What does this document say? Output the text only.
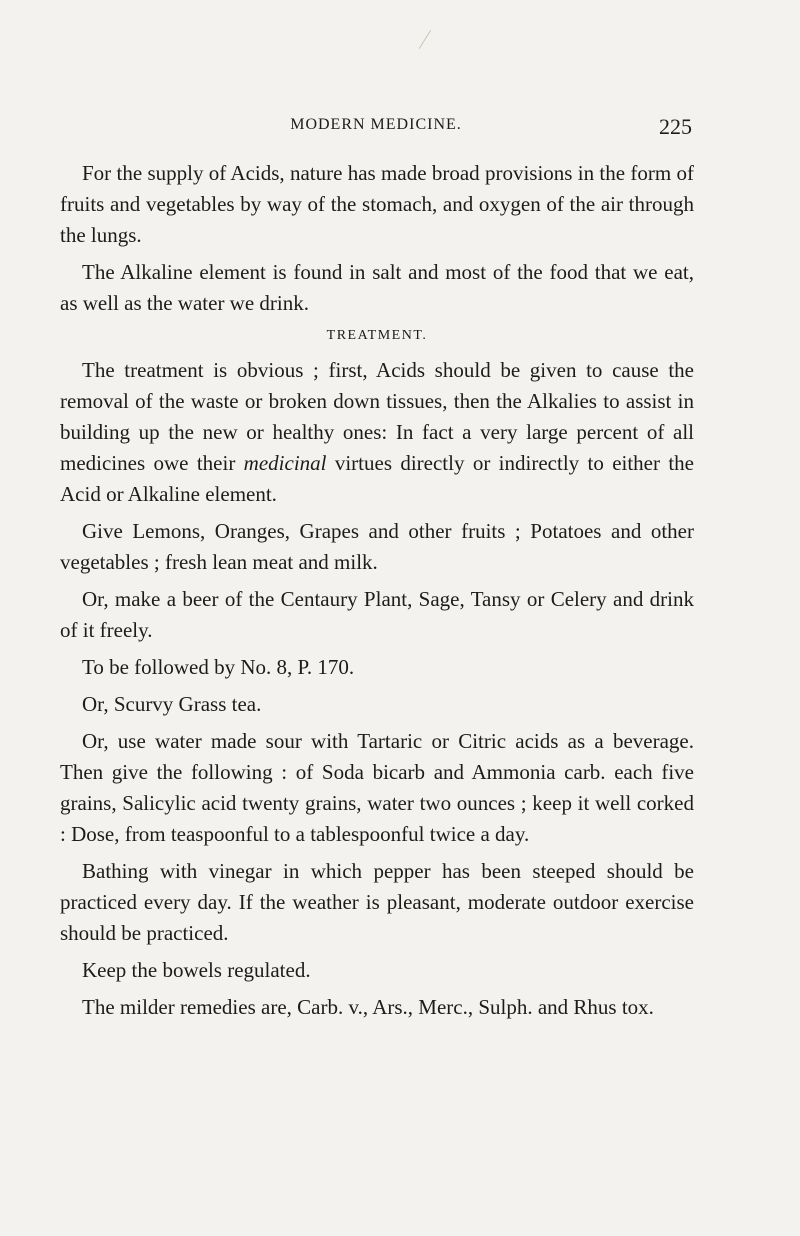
MODERN MEDICINE.	225

For the supply of Acids, nature has made broad provisions in the form of fruits and vegetables by way of the stomach, and oxygen of the air through the lungs.

The Alkaline element is found in salt and most of the food that we eat, as well as the water we drink.

TREATMENT.

The treatment is obvious ; first, Acids should be given to cause the removal of the waste or broken down tissues, then the Alkalies to assist in building up the new or healthy ones: In fact a very large percent of all medicines owe their medicinal virtues directly or indirectly to either the Acid or Alkaline element.

Give Lemons, Oranges, Grapes and other fruits ; Potatoes and other vegetables ; fresh lean meat and milk.

Or, make a beer of the Centaury Plant, Sage, Tansy or Celery and drink of it freely.

To be followed by No. 8, P. 170.

Or, Scurvy Grass tea.

Or, use water made sour with Tartaric or Citric acids as a beverage. Then give the following : of Soda bicarb and Ammonia carb. each five grains, Salicylic acid twenty grains, water two ounces ; keep it well corked : Dose, from teaspoonful to a tablespoonful twice a day.

Bathing with vinegar in which pepper has been steeped should be practiced every day. If the weather is pleasant, moderate outdoor exercise should be practiced.

Keep the bowels regulated.

The milder remedies are, Carb. v., Ars., Merc., Sulph. and Rhus tox.
